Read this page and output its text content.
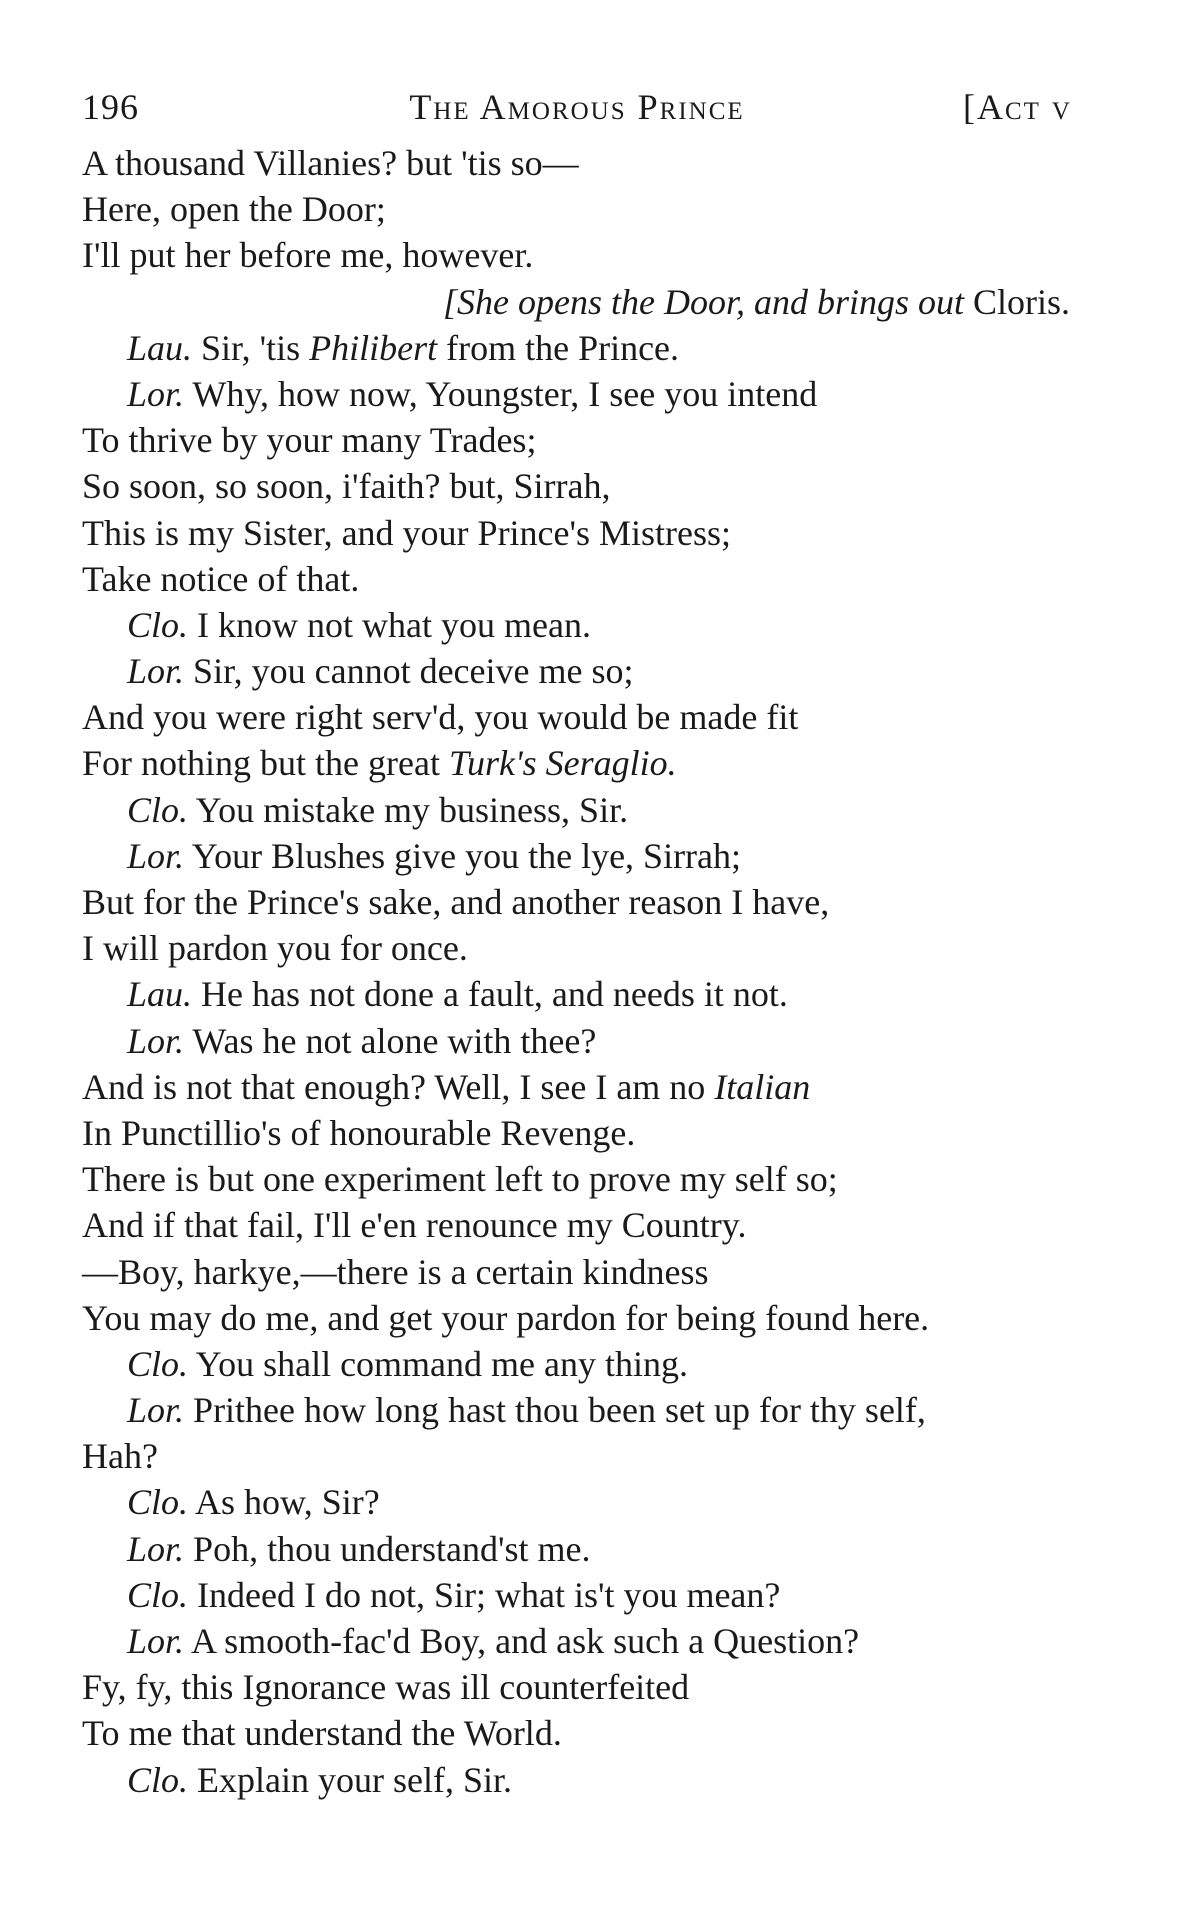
196	The Amorous Prince	[Act v
A thousand Villanies? but 'tis so—
Here, open the Door;
I'll put her before me, however.
[She opens the Door, and brings out Cloris.
Lau. Sir, 'tis Philibert from the Prince.
Lor. Why, how now, Youngster, I see you intend
To thrive by your many Trades;
So soon, so soon, i'faith? but, Sirrah,
This is my Sister, and your Prince's Mistress;
Take notice of that.
Clo. I know not what you mean.
Lor. Sir, you cannot deceive me so;
And you were right serv'd, you would be made fit
For nothing but the great Turk's Seraglio.
Clo. You mistake my business, Sir.
Lor. Your Blushes give you the lye, Sirrah;
But for the Prince's sake, and another reason I have,
I will pardon you for once.
Lau. He has not done a fault, and needs it not.
Lor. Was he not alone with thee?
And is not that enough? Well, I see I am no Italian
In Punctillio's of honourable Revenge.
There is but one experiment left to prove my self so;
And if that fail, I'll e'en renounce my Country.
—Boy, harkye,—there is a certain kindness
You may do me, and get your pardon for being found here.
Clo. You shall command me any thing.
Lor. Prithee how long hast thou been set up for thy self,
Hah?
Clo. As how, Sir?
Lor. Poh, thou understand'st me.
Clo. Indeed I do not, Sir; what is't you mean?
Lor. A smooth-fac'd Boy, and ask such a Question?
Fy, fy, this Ignorance was ill counterfeited
To me that understand the World.
Clo. Explain your self, Sir.
